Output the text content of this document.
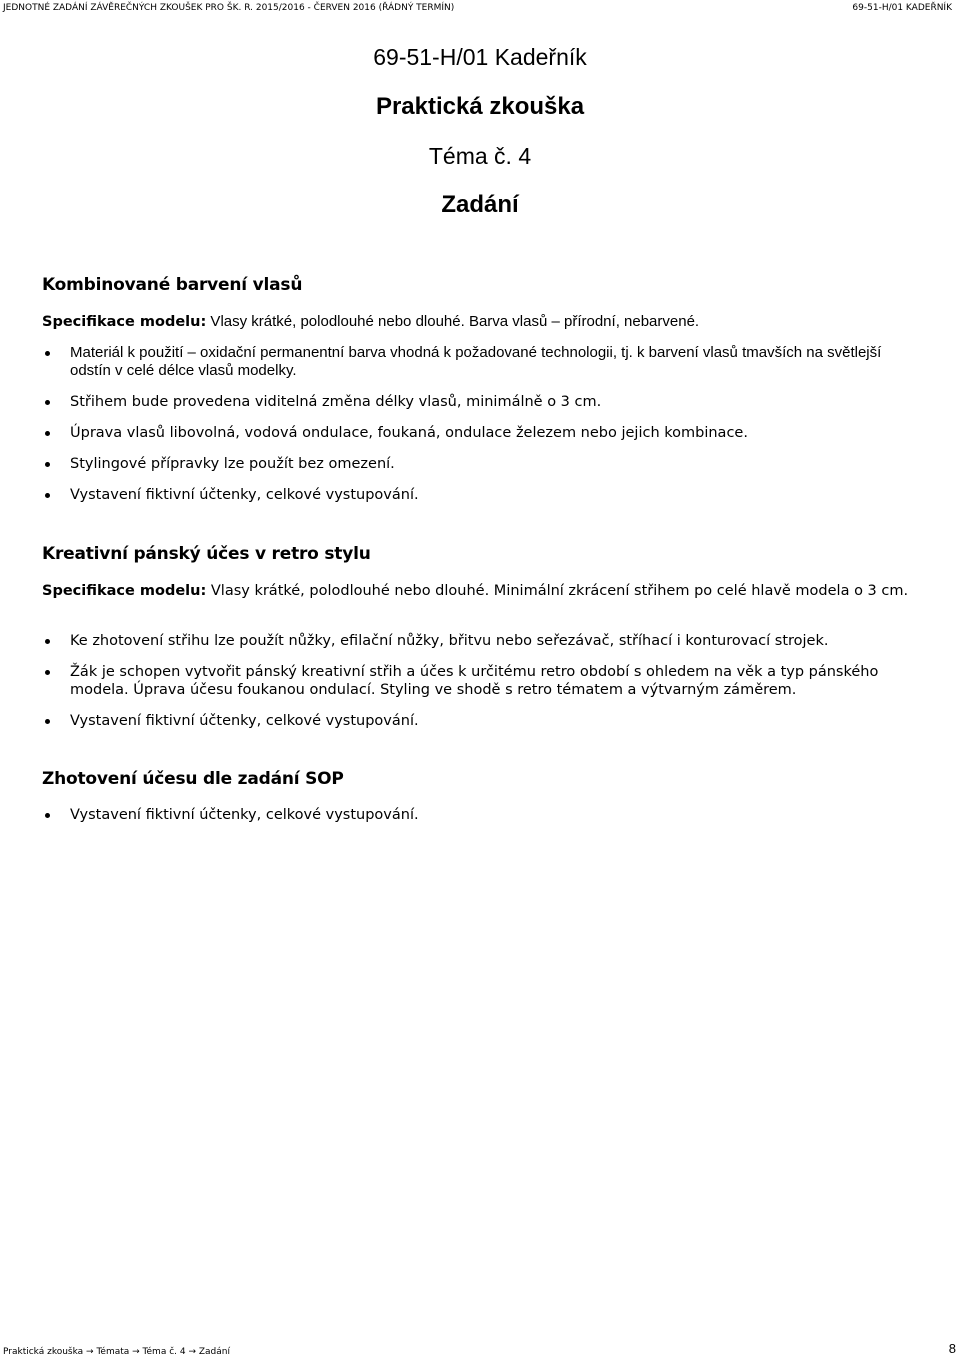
JEDNOTNÉ ZADÁNÍ ZÁVĚREČNÝCH ZKOUŠEK PRO ŠK. R. 2015/2016 - ČERVEN 2016 (ŘÁDNÝ TERMÍN)	69-51-H/01 KADEŘNÍK
69-51-H/01 Kadeřník
Praktická zkouška
Téma č. 4
Zadání
Kombinované barvení vlasů
Specifikace modelu: Vlasy krátké, polodlouhé nebo dlouhé. Barva vlasů – přírodní, nebarvené.
Materiál k použití – oxidační permanentní barva vhodná k požadované technologii, tj. k barvení vlasů tmavších na světlejší odstín v celé délce vlasů modelky.
Střihem bude provedena viditelná změna délky vlasů, minimálně o 3 cm.
Úprava vlasů libovolná, vodová ondulace, foukaná, ondulace železem nebo jejich kombinace.
Stylingové přípravky lze použít bez omezení.
Vystavení fiktivní účtenky, celkové vystupování.
Kreativní pánský účes v retro stylu
Specifikace modelu: Vlasy krátké, polodlouhé nebo dlouhé. Minimální zkrácení střihem po celé hlavě modela o 3 cm.
Ke zhotovení střihu lze použít nůžky, efilační nůžky, břitvu nebo seřezávač, stříhací i konturovací strojek.
Žák je schopen vytvořit pánský kreativní střih a účes k určitému retro období s ohledem na věk a typ pánského modela. Úprava účesu foukanou ondulací. Styling ve shodě s retro tématem a výtvarným záměrem.
Vystavení fiktivní účtenky, celkové vystupování.
Zhotovení účesu dle zadání SOP
Vystavení fiktivní účtenky, celkové vystupování.
Praktická zkouška → Témata → Téma č. 4 → Zadání	8
